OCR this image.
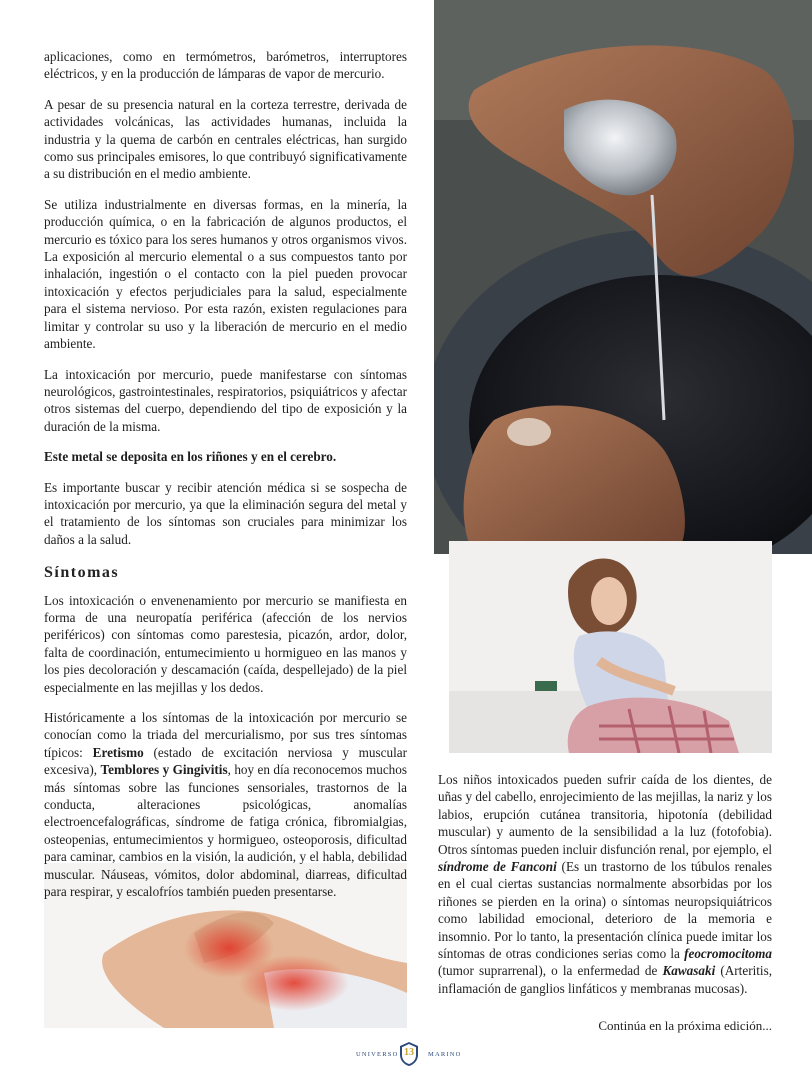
aplicaciones, como en termómetros, barómetros, interruptores eléctricos, y en la producción de lámparas de vapor de mercurio.

A pesar de su presencia natural en la corteza terrestre, derivada de actividades volcánicas, las actividades humanas, incluida la industria y la quema de carbón en centrales eléctricas, han surgido como sus principales emisores, lo que contribuyó significativamente a su distribución en el medio ambiente.

Se utiliza industrialmente en diversas formas, en la minería, la producción química, o en la fabricación de algunos productos, el mercurio es tóxico para los seres humanos y otros organismos vivos. La exposición al mercurio elemental o a sus compuestos tanto por inhalación, ingestión o el contacto con la piel pueden provocar intoxicación y efectos perjudiciales para la salud, especialmente para el sistema nervioso. Por esta razón, existen regulaciones para limitar y controlar su uso y la liberación de mercurio en el medio ambiente.

La intoxicación por mercurio, puede manifestarse con síntomas neurológicos, gastrointestinales, respiratorios, psiquiátricos y afectar otros sistemas del cuerpo, dependiendo del tipo de exposición y la duración de la misma.

Este metal se deposita en los riñones y en el cerebro.

Es importante buscar y recibir atención médica si se sospecha de intoxicación por mercurio, ya que la eliminación segura del metal y el tratamiento de los síntomas son cruciales para minimizar los daños a la salud.

Síntomas

Los intoxicación o envenenamiento por mercurio se manifiesta en forma de una neuropatía periférica (afección de los nervios periféricos) con síntomas como parestesia, picazón, ardor, dolor, falta de coordinación, entumecimiento u hormigueo en las manos y los pies decoloración y descamación (caída, despellejado) de la piel especialmente en las mejillas y los dedos.

Históricamente a los síntomas de la intoxicación por mercurio se conocían como la triada del mercurialismo, por sus tres síntomas típicos: Eretismo (estado de excitación nerviosa y muscular excesiva), Temblores y Gingivitis, hoy en día reconocemos muchos más síntomas sobre las funciones sensoriales, trastornos de la conducta, alteraciones psicológicas, anomalías electroencefalográficas, síndrome de fatiga crónica, fibromialgias, osteopenias, entumecimientos y hormigueo, osteoporosis, dificultad para caminar, cambios en la visión, la audición, y el habla, debilidad muscular. Náuseas, vómitos, dolor abdominal, diarreas, dificultad para respirar, y escalofríos también pueden presentarse.

Los niños intoxicados pueden sufrir caída de los dientes, de uñas y del cabello, enrojecimiento de las mejillas, la nariz y los labios, erupción cutánea transitoria, hipotonía (debilidad muscular) y aumento de la sensibilidad a la luz (fotofobia). Otros síntomas pueden incluir disfunción renal, por ejemplo, el síndrome de Fanconi (Es un trastorno de los túbulos renales en el cual ciertas sustancias normalmente absorbidas por los riñones se pierden en la orina) o síntomas neuropsiquiátricos como labilidad emocional, deterioro de la memoria e insomnio. Por lo tanto, la presentación clínica puede imitar los síntomas de otras condiciones serias como la feocromocitoma (tumor suprarrenal), o la enfermedad de Kawasaki (Arteritis, inflamación de ganglios linfáticos y membranas mucosas).

Continúa en la próxima edición...
UNIVERSO 13	MARINO
